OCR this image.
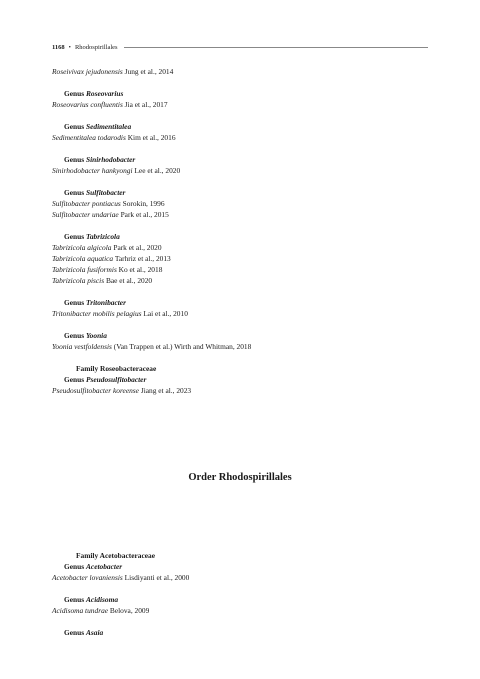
1168 • Rhodospirillales
Roseivivax jejudonensis Jung et al., 2014
Genus Roseovarius
Roseovarius confluentis Jia et al., 2017
Genus Sedimentitalea
Sedimentitalea todarodis Kim et al., 2016
Genus Sinirhodobacter
Sinirhodobacter hankyongi Lee et al., 2020
Genus Sulfitobacter
Sulfitobacter pontiacus Sorokin, 1996
Sulfitobacter undariae Park et al., 2015
Genus Tabrizicola
Tabrizicola algicola Park et al., 2020
Tabrizicola aquatica Tarhriz et al., 2013
Tabrizicola fusiformis Ko et al., 2018
Tabrizicola piscis Bae et al., 2020
Genus Tritonibacter
Tritonibacter mobilis pelagius Lai et al., 2010
Genus Yoonia
Yoonia vestfoldensis (Van Trappen et al.) Wirth and Whitman, 2018
Family Roseobacteraceae
Genus Pseudosulfitobacter
Pseudosulfitobacter koreense Jiang et al., 2023
Order Rhodospirillales
Family Acetobacteraceae
Genus Acetobacter
Acetobacter lovaniensis Lisdiyanti et al., 2000
Genus Acidisoma
Acidisoma tundrae Belova, 2009
Genus Asaia
